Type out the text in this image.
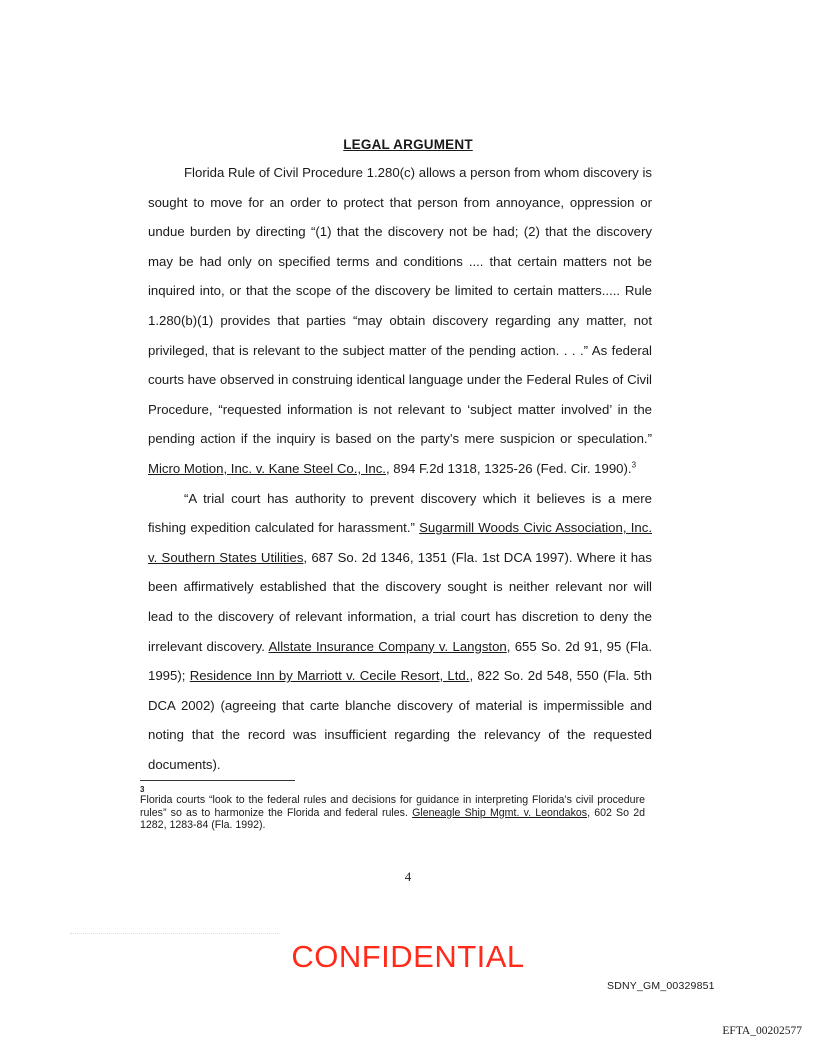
LEGAL ARGUMENT

Florida Rule of Civil Procedure 1.280(c) allows a person from whom discovery is sought to move for an order to protect that person from annoyance, oppression or undue burden by directing “(1) that the discovery not be had; (2) that the discovery may be had only on specified terms and conditions .... that certain matters not be inquired into, or that the scope of the discovery be limited to certain matters..... Rule 1.280(b)(1) provides that parties “may obtain discovery regarding any matter, not privileged, that is relevant to the subject matter of the pending action. . . .” As federal courts have observed in construing identical language under the Federal Rules of Civil Procedure, “requested information is not relevant to ‘subject matter involved’ in the pending action if the inquiry is based on the party’s mere suspicion or speculation.” Micro Motion, Inc. v. Kane Steel Co., Inc., 894 F.2d 1318, 1325-26 (Fed. Cir. 1990).$^3$

“A trial court has authority to prevent discovery which it believes is a mere fishing expedition calculated for harassment.” Sugarmill Woods Civic Association, Inc. v. Southern States Utilities, 687 So. 2d 1346, 1351 (Fla. 1st DCA 1997). Where it has been affirmatively established that the discovery sought is neither relevant nor will lead to the discovery of relevant information, a trial court has discretion to deny the irrelevant discovery. Allstate Insurance Company v. Langston, 655 So. 2d 91, 95 (Fla. 1995); Residence Inn by Marriott v. Cecile Resort, Ltd., 822 So. 2d 548, 550 (Fla. 5th DCA 2002) (agreeing that carte blanche discovery of material is impermissible and noting that the record was insufficient regarding the relevancy of the requested documents).

3
Florida courts “look to the federal rules and decisions for guidance in interpreting Florida’s civil procedure rules” so as to harmonize the Florida and federal rules. Gleneagle Ship Mgmt. v. Leondakos, 602 So 2d 1282, 1283-84 (Fla. 1992).
4
CONFIDENTIAL
SDNY_GM_00329851
EFTA_00202577
